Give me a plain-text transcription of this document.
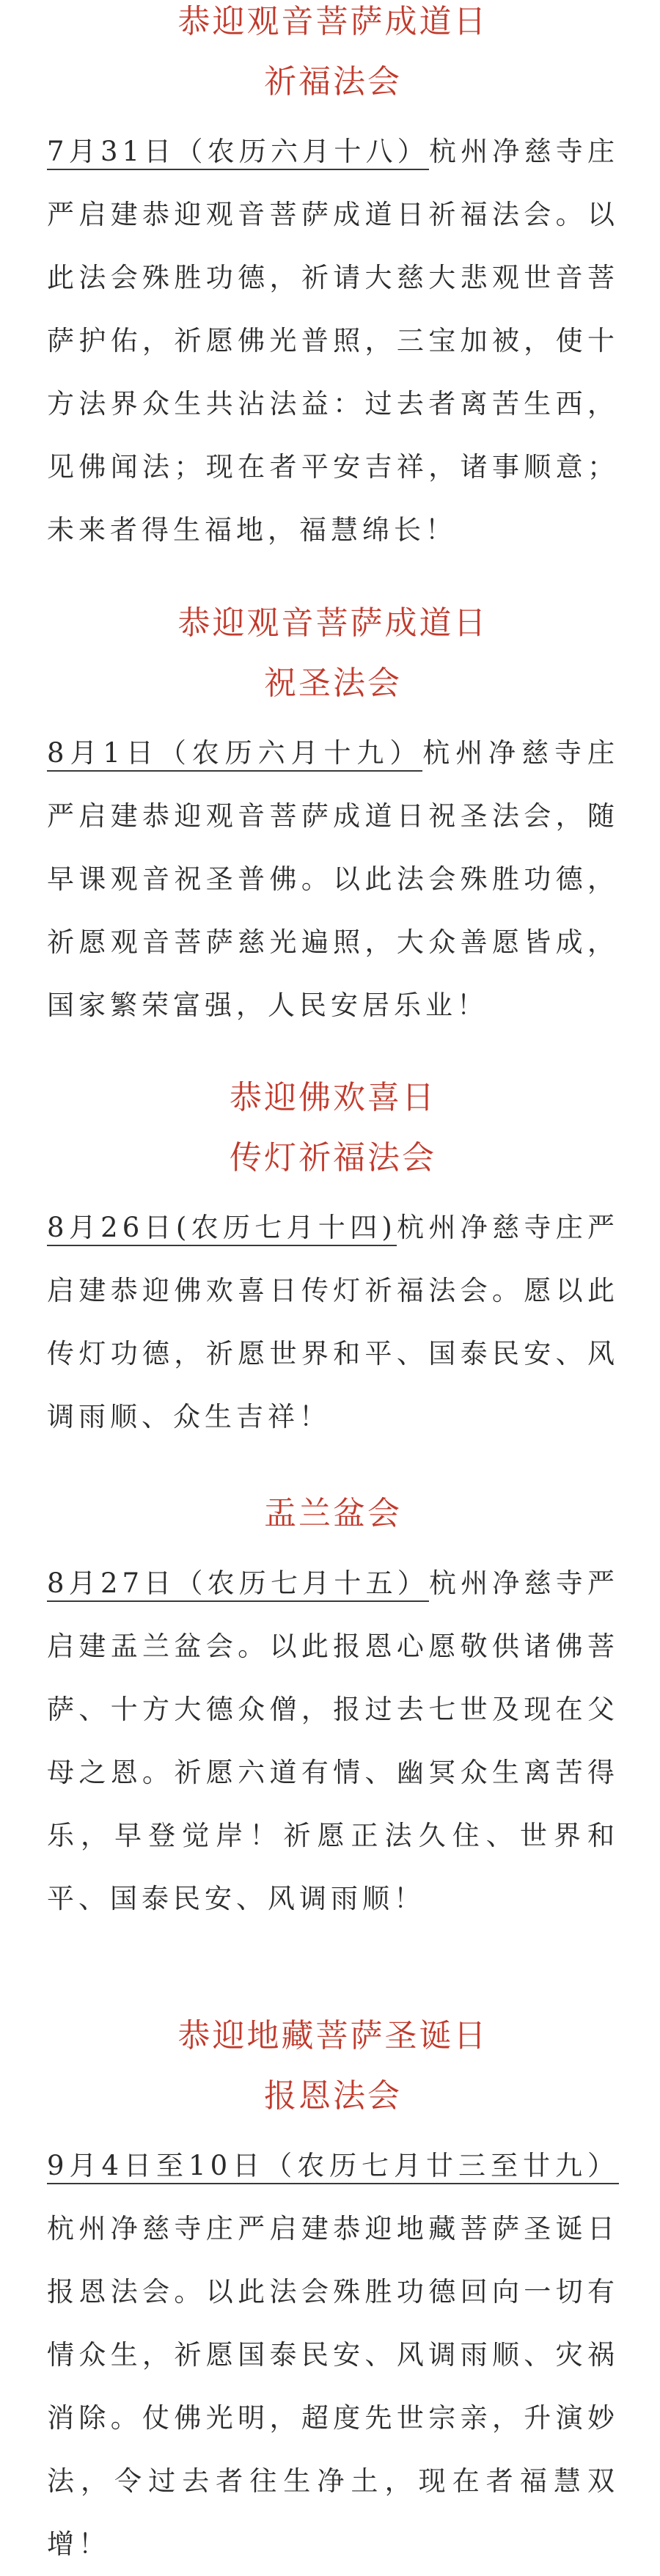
恭迎观音菩萨成道日
祈福法会

7月31日（农历六月十八）杭州净慈寺庄严启建恭迎观音菩萨成道日祈福法会。以此法会殊胜功德，祈请大慈大悲观世音菩萨护佑，祈愿佛光普照，三宝加被，使十方法界众生共沾法益：过去者离苦生西，见佛闻法；现在者平安吉祥，诸事顺意；未来者得生福地，福慧绵长！

恭迎观音菩萨成道日
祝圣法会

8月1日（农历六月十九）杭州净慈寺庄严启建恭迎观音菩萨成道日祝圣法会，随早课观音祝圣普佛。以此法会殊胜功德，祈愿观音菩萨慈光遍照，大众善愿皆成，国家繁荣富强，人民安居乐业！

恭迎佛欢喜日
传灯祈福法会

8月26日(农历七月十四)杭州净慈寺庄严启建恭迎佛欢喜日传灯祈福法会。愿以此传灯功德，祈愿世界和平、国泰民安、风调雨顺、众生吉祥！

盂兰盆会

8月27日（农历七月十五）杭州净慈寺严启建盂兰盆会。以此报恩心愿敬供诸佛菩萨、十方大德众僧，报过去七世及现在父母之恩。祈愿六道有情、幽冥众生离苦得乐，早登觉岸！祈愿正法久住、世界和平、国泰民安、风调雨顺！

恭迎地藏菩萨圣诞日
报恩法会

9月4日至10日（农历七月廿三至廿九）杭州净慈寺庄严启建恭迎地藏菩萨圣诞日报恩法会。以此法会殊胜功德回向一切有情众生，祈愿国泰民安、风调雨顺、灾祸消除。仗佛光明，超度先世宗亲，升演妙法，令过去者往生净土，现在者福慧双增！
